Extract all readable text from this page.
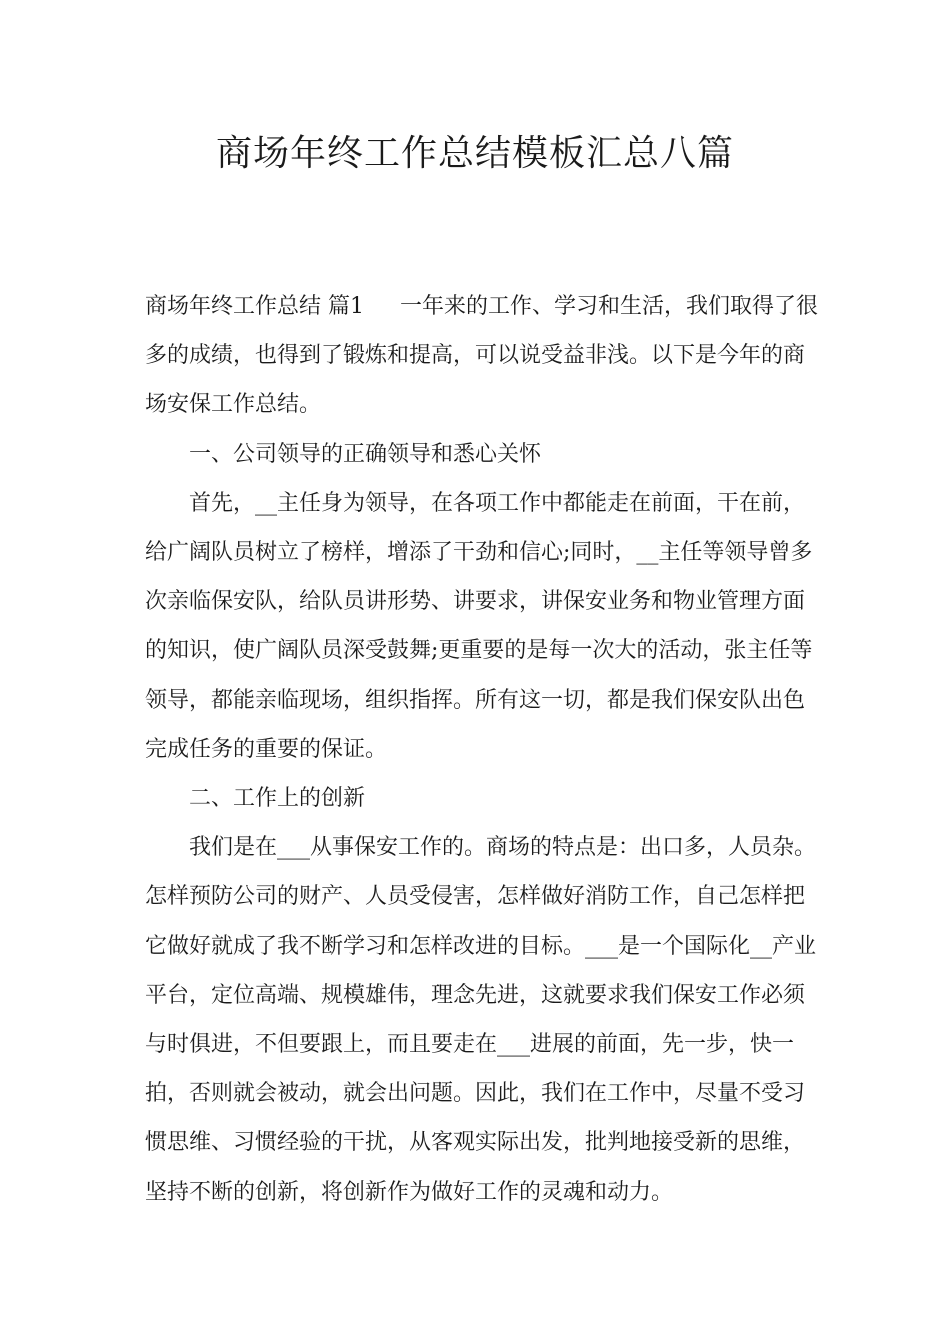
商场年终工作总结模板汇总八篇

商场年终工作总结 篇1 一年来的工作、学习和生活，我们取得了很多的成绩，也得到了锻炼和提高，可以说受益非浅。以下是今年的商场安保工作总结。

一、公司领导的正确领导和悉心关怀

首先，__主任身为领导，在各项工作中都能走在前面，干在前，给广阔队员树立了榜样，增添了干劲和信心;同时，__主任等领导曾多次亲临保安队，给队员讲形势、讲要求，讲保安业务和物业管理方面的知识，使广阔队员深受鼓舞;更重要的是每一次大的活动，张主任等领导，都能亲临现场，组织指挥。所有这一切，都是我们保安队出色完成任务的重要的保证。

二、工作上的创新

我们是在___从事保安工作的。商场的特点是：出口多，人员杂。怎样预防公司的财产、人员受侵害，怎样做好消防工作，自己怎样把它做好就成了我不断学习和怎样改进的目标。___是一个国际化__产业平台，定位高端、规模雄伟，理念先进，这就要求我们保安工作必须与时俱进，不但要跟上，而且要走在___进展的前面，先一步，快一拍，否则就会被动，就会出问题。因此，我们在工作中，尽量不受习惯思维、习惯经验的干扰，从客观实际出发，批判地接受新的思维，坚持不断的创新，将创新作为做好工作的灵魂和动力。
